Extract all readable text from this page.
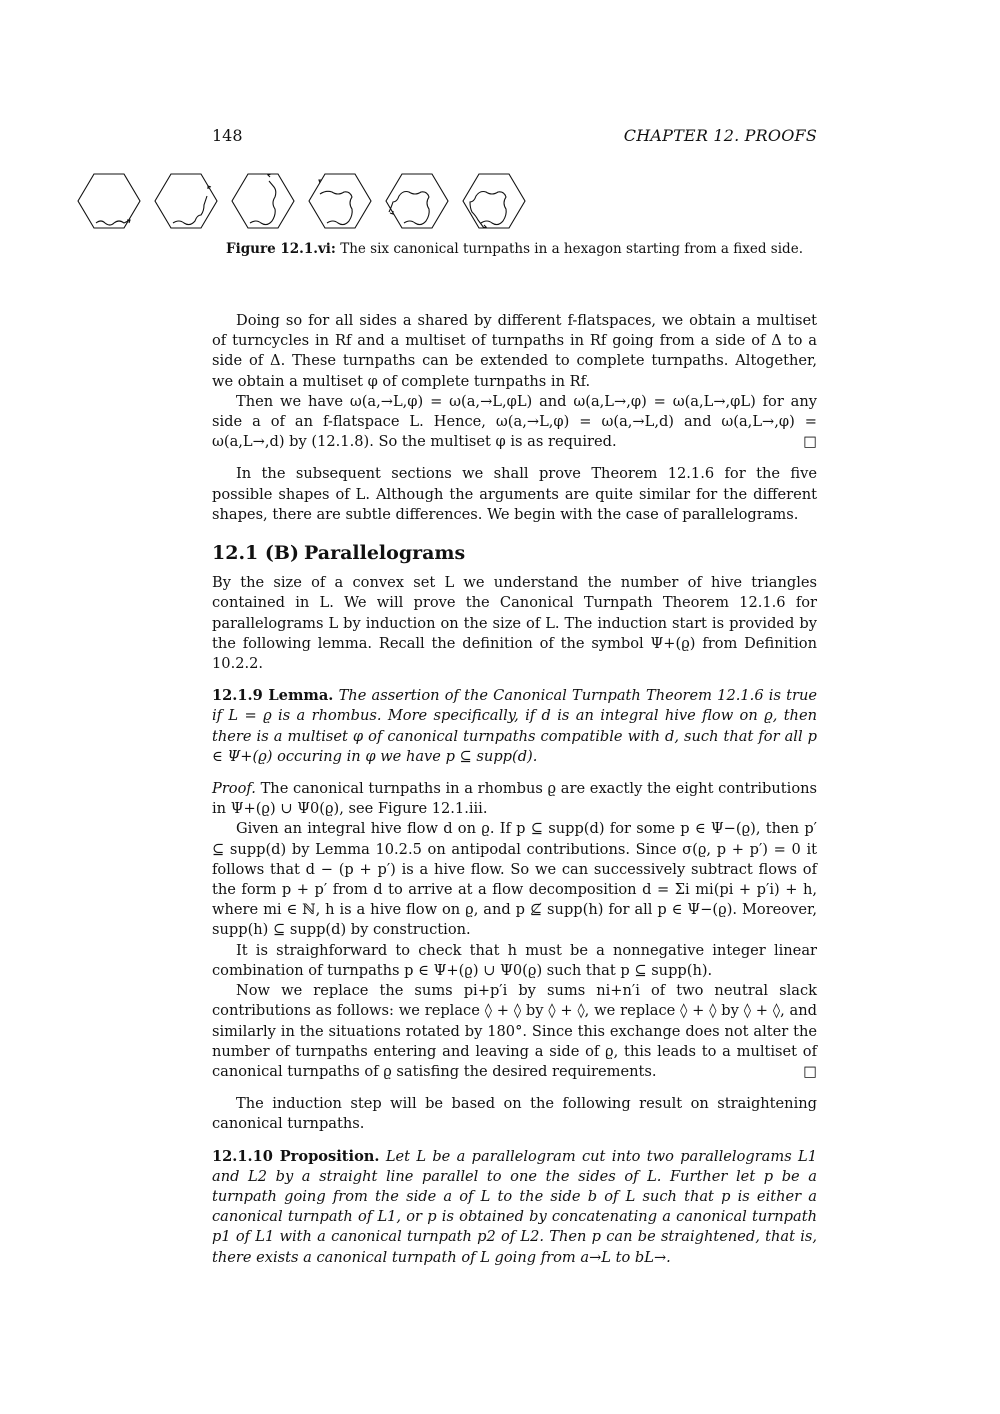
148	CHAPTER 12. PROOFS
Figure 12.1.vi: The six canonical turnpaths in a hexagon starting from a fixed side.

Doing so for all sides a shared by different f-flatspaces, we obtain a multiset of turncycles in Rf and a multiset of turnpaths in Rf going from a side of Δ to a side of Δ. These turnpaths can be extended to complete turnpaths. Altogether, we obtain a multiset φ of complete turnpaths in Rf.

Then we have ω(a,→L,φ) = ω(a,→L,φL) and ω(a,L→,φ) = ω(a,L→,φL) for any side a of an f-flatspace L. Hence, ω(a,→L,φ) = ω(a,→L,d) and ω(a,L→,φ) = ω(a,L→,d) by (12.1.8). So the multiset φ is as required.	□

In the subsequent sections we shall prove Theorem 12.1.6 for the five possible shapes of L. Although the arguments are quite similar for the different shapes, there are subtle differences. We begin with the case of parallelograms.

12.1 (B) Parallelograms

By the size of a convex set L we understand the number of hive triangles contained in L. We will prove the Canonical Turnpath Theorem 12.1.6 for parallelograms L by induction on the size of L. The induction start is provided by the following lemma. Recall the definition of the symbol Ψ+(ϱ) from Definition 10.2.2.

12.1.9 Lemma. The assertion of the Canonical Turnpath Theorem 12.1.6 is true if L = ϱ is a rhombus. More specifically, if d is an integral hive flow on ϱ, then there is a multiset φ of canonical turnpaths compatible with d, such that for all p ∈ Ψ+(ϱ) occuring in φ we have p ⊆ supp(d).

Proof. The canonical turnpaths in a rhombus ϱ are exactly the eight contributions in Ψ+(ϱ) ∪ Ψ0(ϱ), see Figure 12.1.iii.

Given an integral hive flow d on ϱ. If p ⊆ supp(d) for some p ∈ Ψ−(ϱ), then p′ ⊆ supp(d) by Lemma 10.2.5 on antipodal contributions. Since σ(ϱ, p + p′) = 0 it follows that d − (p + p′) is a hive flow. So we can successively subtract flows of the form p + p′ from d to arrive at a flow decomposition d = Σi mi(pi + p′i) + h, where mi ∈ ℕ, h is a hive flow on ϱ, and p ⊈ supp(h) for all p ∈ Ψ−(ϱ). Moreover, supp(h) ⊆ supp(d) by construction.

It is straighforward to check that h must be a nonnegative integer linear combination of turnpaths p ∈ Ψ+(ϱ) ∪ Ψ0(ϱ) such that p ⊆ supp(h).

Now we replace the sums pi+p′i by sums ni+n′i of two neutral slack contributions as follows: we replace ◊ + ◊ by ◊ + ◊, we replace ◊ + ◊ by ◊ + ◊, and similarly in the situations rotated by 180°. Since this exchange does not alter the number of turnpaths entering and leaving a side of ϱ, this leads to a multiset of canonical turnpaths of ϱ satisfing the desired requirements.	□

The induction step will be based on the following result on straightening canonical turnpaths.

12.1.10 Proposition. Let L be a parallelogram cut into two parallelograms L1 and L2 by a straight line parallel to one the sides of L. Further let p be a turnpath going from the side a of L to the side b of L such that p is either a canonical turnpath of L1, or p is obtained by concatenating a canonical turnpath p1 of L1 with a canonical turnpath p2 of L2. Then p can be straightened, that is, there exists a canonical turnpath of L going from a→L to bL→.
